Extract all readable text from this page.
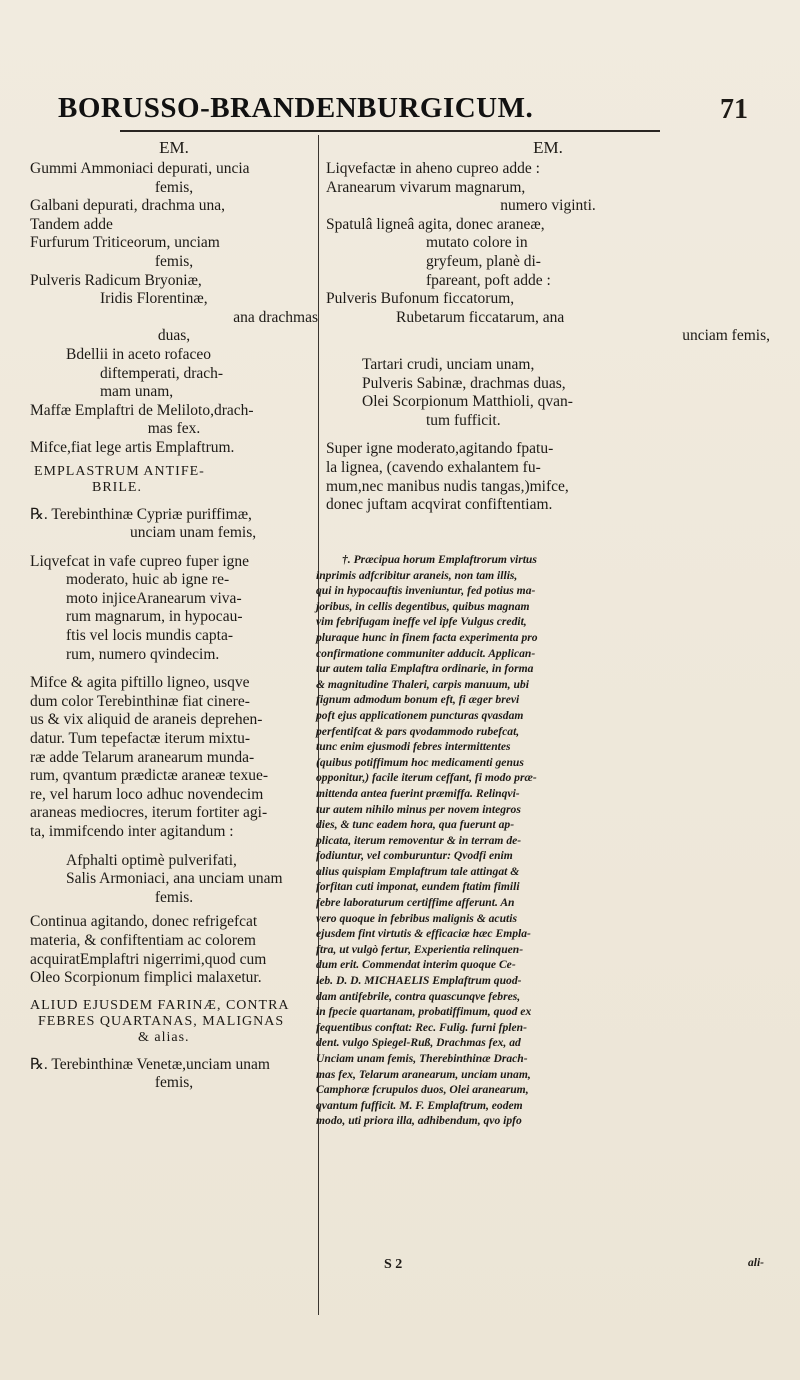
BORUSSO-BRANDENBURGICUM.	71
EM.
Gummi Ammoniaci depurati, uncia
femis,
Galbani depurati, drachma una,
Tandem adde
Furfurum Triticeorum, unciam
femis,
Pulveris Radicum Bryoniæ,
Iridis Florentinæ,
ana drachmas
duas,
Bdellii in aceto rofaceo
diftemperati, drach-
mam unam,
Maffæ Emplaftri de Meliloto,drach-
mas fex.
Mifce,fiat lege artis Emplaftrum.
EMPLASTRUM ANTIFE-
BRILE.
℞. Terebinthinæ Cypriæ puriffimæ,
unciam unam femis,
Liqvefcat in vafe cupreo fuper igne
moderato, huic ab igne re-
moto injiceAranearum viva-
rum magnarum, in hypocau-
ftis vel locis mundis capta-
rum, numero qvindecim.
Mifce & agita piftillo ligneo, usqve
dum color Terebinthinæ fiat cinere-
us & vix aliquid de araneis deprehen-
datur. Tum tepefactæ iterum mixtu-
ræ adde Telarum aranearum munda-
rum, qvantum prædictæ araneæ texue-
re, vel harum loco adhuc novendecim
araneas mediocres, iterum fortiter agi-
ta, immifcendo inter agitandum :
Afphalti optimè pulverifati,
Salis Armoniaci, ana unciam unam
femis.
Continua agitando, donec refrigefcat
materia, & confiftentiam ac colorem
acquiratEmplaftri nigerrimi,quod cum
Oleo Scorpionum fimplici malaxetur.
ALIUD EJUSDEM FARINÆ, CONTRA
FEBRES QUARTANAS, MALIGNAS
& alias.
℞. Terebinthinæ Venetæ,unciam unam
femis,
EM.
Liqvefactæ in aheno cupreo adde :
Aranearum vivarum magnarum,
numero viginti.
Spatulâ ligneâ agita, donec araneæ,
mutato colore in
gryfeum, planè di-
fpareant, poft adde :
Pulveris Bufonum ficcatorum,
Rubetarum ficcatarum, ana
unciam femis,
Tartari crudi, unciam unam,
Pulveris Sabinæ, drachmas duas,
Olei Scorpionum Matthioli, qvan-
tum fufficit.
Super igne moderato,agitando fpatu-
la lignea, (cavendo exhalantem fu-
mum,nec manibus nudis tangas,)mifce,
donec juftam acqvirat confiftentiam.
†. Præcipua horum Emplaftrorum virtus
inprimis adfcribitur araneis, non tam illis,
qui in hypocauftis inveniuntur, fed potius ma-
joribus, in cellis degentibus, quibus magnam
vim febrifugam ineffe vel ipfe Vulgus credit,
pluraque hunc in finem facta experimenta pro
confirmatione communiter adducit. Applican-
tur autem talia Emplaftra ordinarie, in forma
& magnitudine Thaleri, carpis manuum, ubi
fignum admodum bonum eft, fi æger brevi
poft ejus applicationem puncturas qvasdam
perfentifcat & pars qvodammodo rubefcat,
tunc enim ejusmodi febres intermittentes
(quibus potiffimum hoc medicamenti genus
opponitur,) facile iterum ceffant, fi modo præ-
mittenda antea fuerint præmiffa. Relinqvi-
tur autem nihilo minus per novem integros
dies, & tunc eadem hora, qua fuerunt ap-
plicata, iterum removentur & in terram de-
fodiuntur, vel comburuntur: Qvodfi enim
alius quispiam Emplaftrum tale attingat &
forfitan cuti imponat, eundem ftatim fimili
febre laboraturum certiffime afferunt. An
vero quoque in febribus malignis & acutis
ejusdem fint virtutis & efficaciæ hæc Empla-
ftra, ut vulgò fertur, Experientia relinquen-
dum erit. Commendat interim quoque Ce-
leb. D. D. MICHAELIS Emplaftrum quod-
dam antifebrile, contra quascunqve febres,
in fpecie quartanam, probatiffimum, quod ex
fequentibus conftat: Rec. Fulig. furni fplen-
dent. vulgo Spiegel-Ruß, Drachmas fex, ad
Unciam unam femis, Therebinthinæ Drach-
mas fex, Telarum aranearum, unciam unam,
Camphoræ fcrupulos duos, Olei aranearum,
qvantum fufficit. M. F. Emplaftrum, eodem
modo, uti priora illa, adhibendum, qvo ipfo
S 2	ali-
